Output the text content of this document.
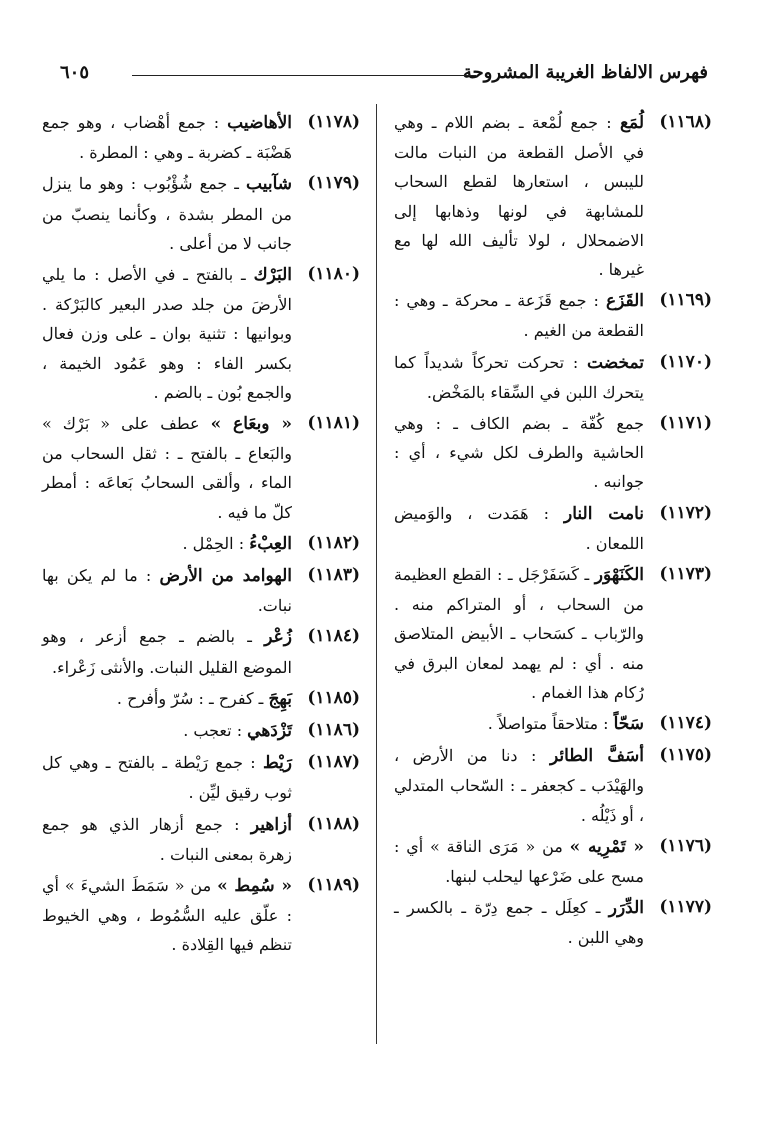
فهرس الالفاظ الغريبة المشروحة
٦٠٥
(١١٦٨)
لُمَع : جمع لُمْعة ـ بضم اللام ـ وهي في الأصل القطعة من النبات مالت لليبس ، استعارها لقطع السحاب للمشابهة في لونها وذهابها إلى الاضمحلال ، لولا تأليف الله لها مع غيرها .
(١١٦٩)
القَزَع : جمع قَزَعة ـ محركة ـ وهي : القطعة من الغيم .
(١١٧٠)
تمخضت : تحركت تحركاً شديداً كما يتحرك اللبن في السِّقاء بالمَخْض.
(١١٧١)
جمع كُفّة ـ بضم الكاف ـ : وهي الحاشية والطرف لكل شيء ، أي : جوانبه .
(١١٧٢)
نامت النار : هَمَدت ، والوَميض اللمعان .
(١١٧٣)
الكَنَهْوَر ـ كَسَفَرْجَل ـ : القطع العظيمة من السحاب ، أو المتراكم منه . والرّباب ـ كسَحاب ـ الأبيض المتلاصق منه . أي : لم يهمد لمعان البرق في رُكام هذا الغمام .
(١١٧٤)
سَحّاً : متلاحقاً متواصلاً .
(١١٧٥)
أسَفَّ الطائر : دنا من الأرض ، والهَيْدَب ـ كجعفر ـ : السّحاب المتدلي ، أو ذَيْلُه .
(١١٧٦)
« تَمْرِيه » من « مَرَى الناقة » أي : مسح على ضَرْعها ليحلب لبنها.
(١١٧٧)
الدِّرَر ـ كعِلَل ـ جمع دِرّة ـ بالكسر ـ وهي اللبن .
(١١٧٨)
الأهاضيب : جمع أهْضاب ، وهو جمع هَضْبَة ـ كضربة ـ وهي : المطرة .
(١١٧٩)
شآبيب ـ جمع شُؤْبُوب : وهو ما ينزل من المطر بشدة ، وكأنما ينصبّ من جانب لا من أعلى .
(١١٨٠)
البَرْك ـ بالفتح ـ في الأصل : ما يلي الأرضَ من جلد صدر البعير كالبَرْكة . وبوانيها : تثنية بوان ـ على وزن فعال بكسر الفاء : وهو عَمُود الخيمة ، والجمع بُون ـ بالضم .
(١١٨١)
« وبعَاع » عطف على « بَرْك » والبَعاع ـ بالفتح ـ : ثقل السحاب من الماء ، وألقى السحابُ بَعاعَه : أمطر كلّ ما فيه .
(١١٨٢)
العِبْءُ : الحِمْل .
(١١٨٣)
الهوامد من الأرض : ما لم يكن بها نبات.
(١١٨٤)
زُعْر ـ بالضم ـ جمع أزعر ، وهو الموضع القليل النبات. والأنثى زَعْراء.
(١١٨٥)
بَهِجَ ـ كفرح ـ : سُرّ وأفرح .
(١١٨٦)
تَزْدَهي : تعجب .
(١١٨٧)
رَيْط : جمع رَيْطة ـ بالفتح ـ وهي كل ثوب رقيق ليِّن .
(١١٨٨)
أزاهير : جمع أزهار الذي هو جمع زهرة بمعنى النبات .
(١١٨٩)
« سُمِط » من « سَمَطَ الشيءَ » أي : علّق عليه السُّمُوط ، وهي الخيوط تنظم فيها القِلادة .
